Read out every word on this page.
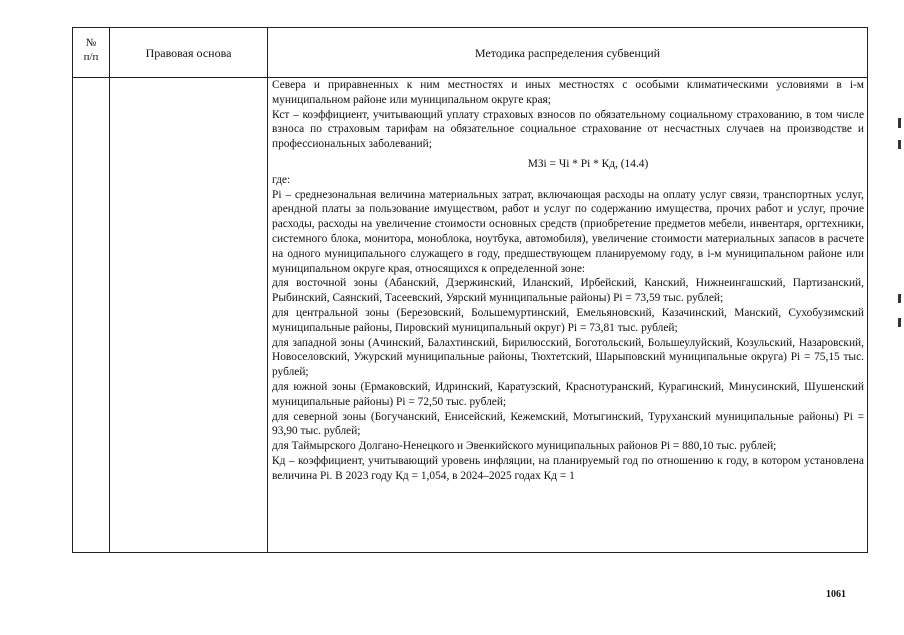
№
п/п	Правовая основа	Методика распределения субвенций

Севера и приравненных к ним местностях и иных местностях с особыми климатическими условиями в i-м муниципальном районе или муниципальном округе края;

Кст – коэффициент, учитывающий уплату страховых взносов по обязательному социальному страхованию, в том числе взноса по страховым тарифам на обязательное социальное страхование от несчастных случаев на производстве и профессиональных заболеваний;

МЗi = Чi * Pi * Кд, (14.4)

где:

Pi – среднезональная величина материальных затрат, включающая расходы на оплату услуг связи, транспортных услуг, арендной платы за пользование имуществом, работ и услуг по содержанию имущества, прочих работ и услуг, прочие расходы, расходы на увеличение стоимости основных средств (приобретение предметов мебели, инвентаря, оргтехники, системного блока, монитора, моноблока, ноутбука, автомобиля), увеличение стоимости материальных запасов в расчете на одного муниципального служащего в году, предшествующем планируемому году, в i-м муниципальном районе или муниципальном округе края, относящихся к определенной зоне:

для восточной зоны (Абанский, Дзержинский, Иланский, Ирбейский, Канский, Нижнеингашский, Партизанский, Рыбинский, Саянский, Тасеевский, Уярский муниципальные районы) Pi = 73,59 тыс. рублей;

для центральной зоны (Березовский, Большемуртинский, Емельяновский, Казачинский, Манский, Сухобузимский муниципальные районы, Пировский муниципальный округ) Pi = 73,81 тыс. рублей;

для западной зоны (Ачинский, Балахтинский, Бирилюсский, Боготольский, Большеулуйский, Козульский, Назаровский, Новоселовский, Ужурский муниципальные районы, Тюхтетский, Шарыповский муниципальные округа) Pi = 75,15 тыс. рублей;

для южной зоны (Ермаковский, Идринский, Каратузский, Краснотуранский, Курагинский, Минусинский, Шушенский муниципальные районы) Pi = 72,50 тыс. рублей;

для северной зоны (Богучанский, Енисейский, Кежемский, Мотыгинский, Туруханский муниципальные районы) Pi = 93,90 тыс. рублей;

для Таймырского Долгано-Ненецкого и Эвенкийского муниципальных районов Pi = 880,10 тыс. рублей;

Кд – коэффициент, учитывающий уровень инфляции, на планируемый год по отношению к году, в котором установлена величина Pi. В 2023 году Кд = 1,054, в 2024–2025 годах Кд = 1

1061
